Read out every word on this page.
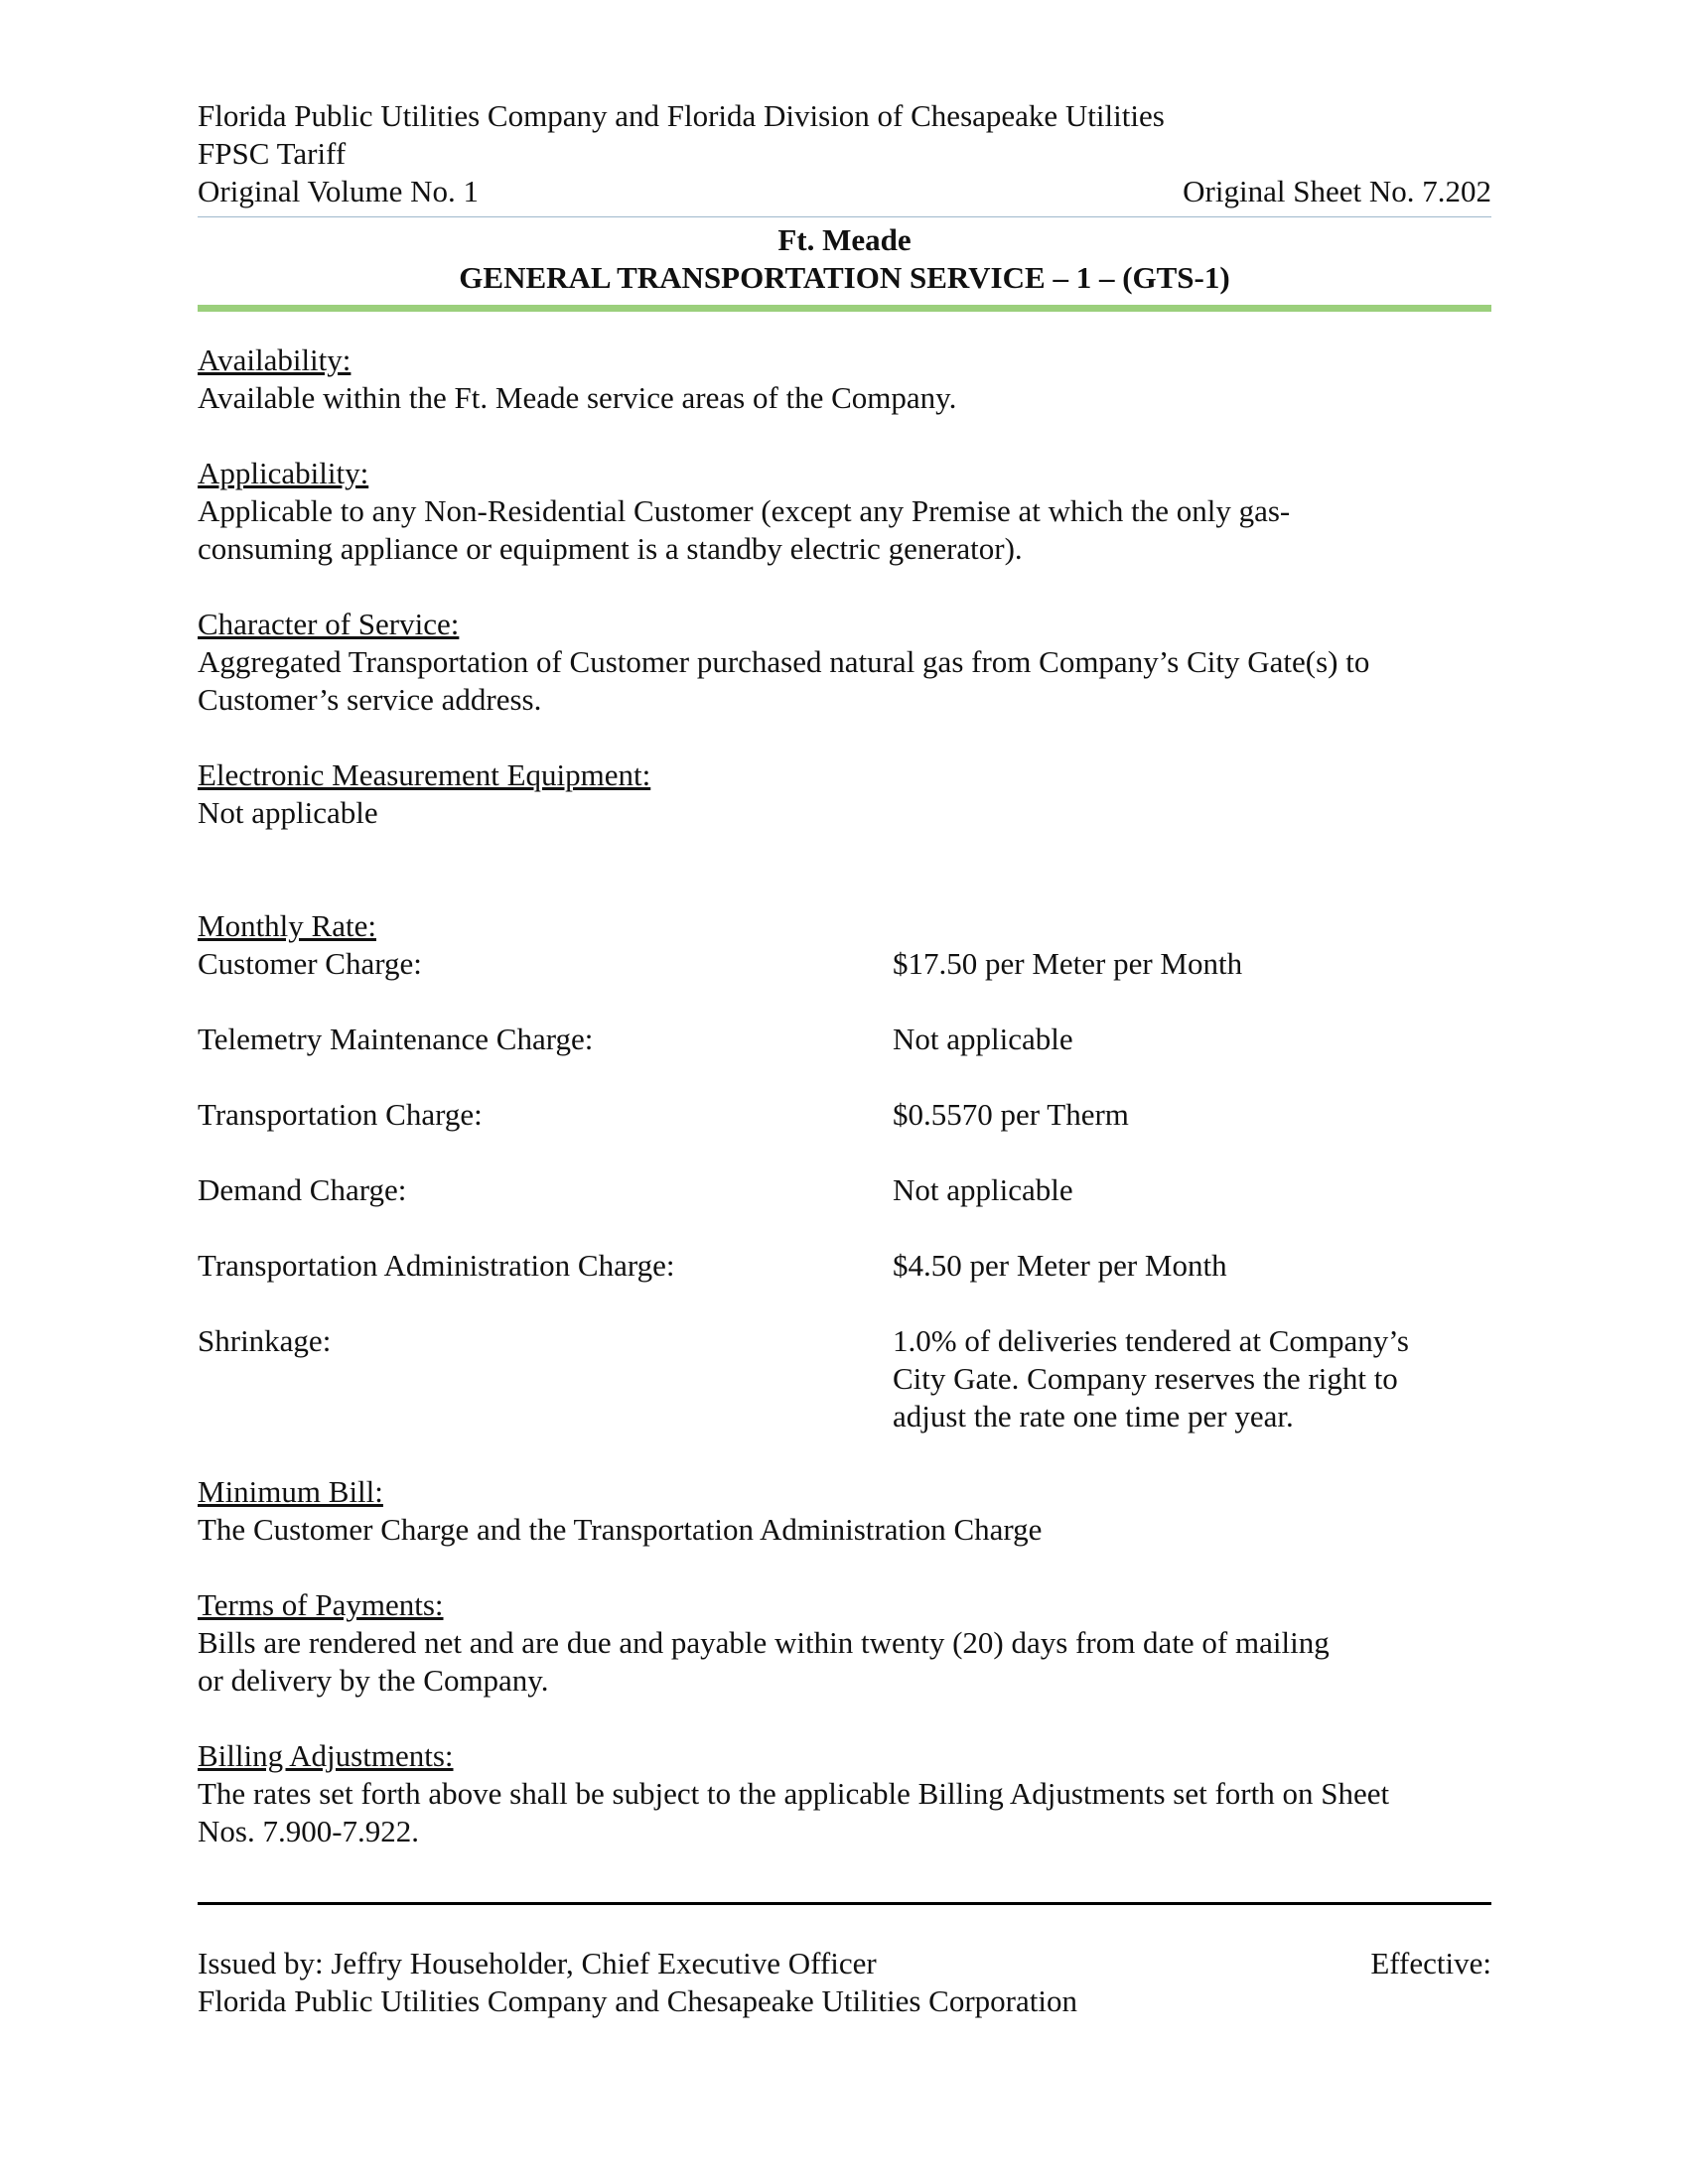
Florida Public Utilities Company and Florida Division of Chesapeake Utilities
FPSC Tariff
Original Volume No. 1	Original Sheet No. 7.202
Ft. Meade
GENERAL TRANSPORTATION SERVICE – 1 – (GTS-1)
Availability:
Available within the Ft. Meade service areas of the Company.
Applicability:
Applicable to any Non-Residential Customer (except any Premise at which the only gas-
consuming appliance or equipment is a standby electric generator).
Character of Service:
Aggregated Transportation of Customer purchased natural gas from Company’s City Gate(s) to
Customer’s service address.
Electronic Measurement Equipment:
Not applicable
Monthly Rate:
Customer Charge:	$17.50 per Meter per Month
Telemetry Maintenance Charge:	Not applicable
Transportation Charge:	$0.5570 per Therm
Demand Charge:	Not applicable
Transportation Administration Charge:	$4.50 per Meter per Month
Shrinkage:	1.0% of deliveries tendered at Company’s
City Gate. Company reserves the right to
adjust the rate one time per year.
Minimum Bill:
The Customer Charge and the Transportation Administration Charge
Terms of Payments:
Bills are rendered net and are due and payable within twenty (20) days from date of mailing
or delivery by the Company.
Billing Adjustments:
The rates set forth above shall be subject to the applicable Billing Adjustments set forth on Sheet
Nos. 7.900-7.922.
Issued by: Jeffry Householder, Chief Executive Officer	Effective:
Florida Public Utilities Company and Chesapeake Utilities Corporation
